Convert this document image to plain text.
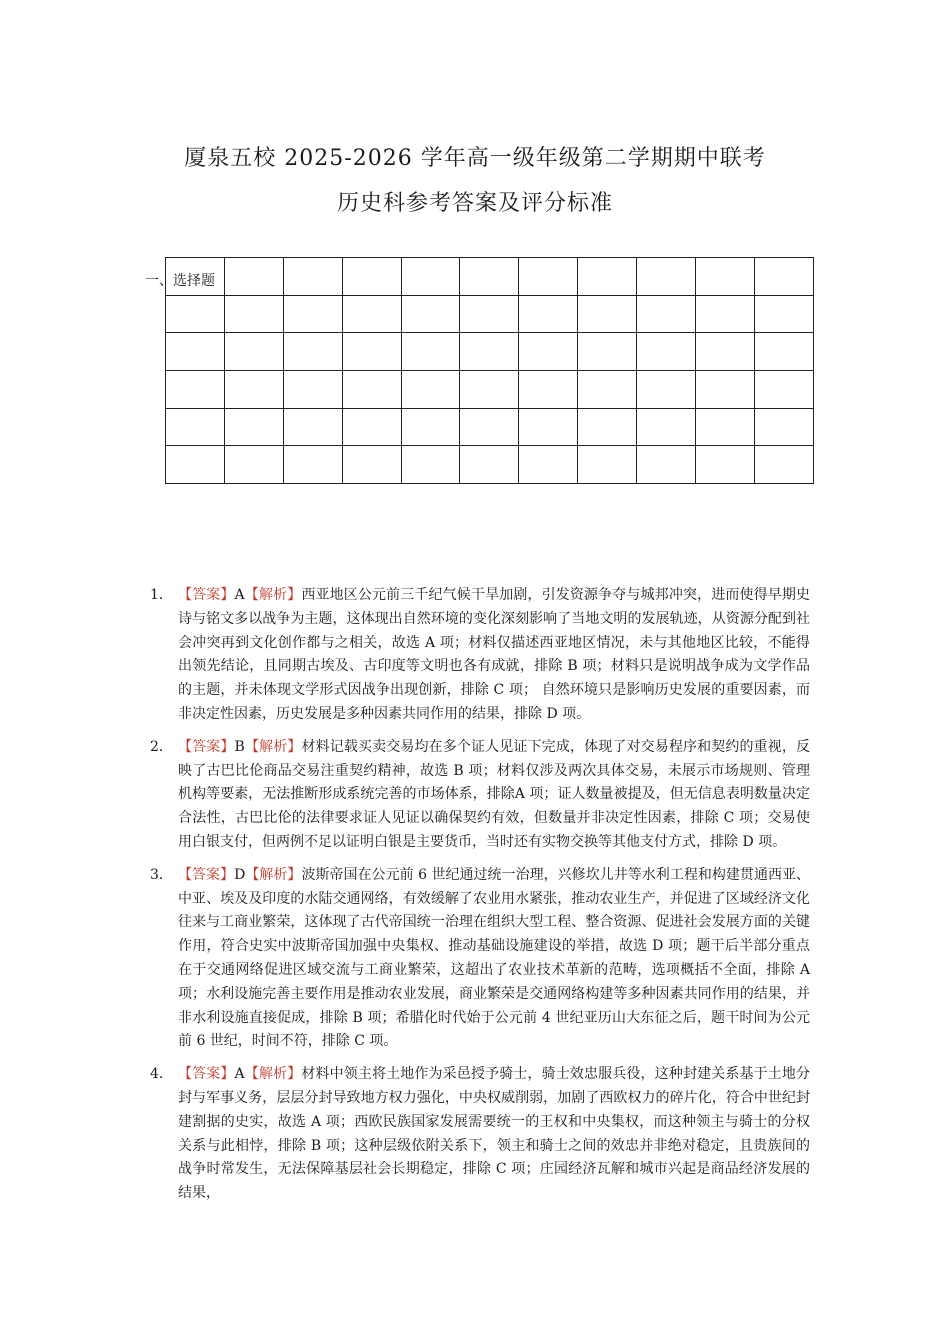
厦泉五校 2025-2026 学年高一级年级第二学期期中联考
历史科参考答案及评分标准
一、选择题

1． 【答案】A【解析】西亚地区公元前三千纪气候干旱加剧，引发资源争夺与城邦冲突，进而使得早期史诗与铭文多以战争为主题，这体现出自然环境的变化深刻影响了当地文明的发展轨迹，从资源分配到社会冲突再到文化创作都与之相关，故选 A 项；材料仅描述西亚地区情况，未与其他地区比较，不能得出领先结论，且同期古埃及、古印度等文明也各有成就，排除 B 项；材料只是说明战争成为文学作品的主题，并未体现文学形式因战争出现创新，排除 C 项； 自然环境只是影响历史发展的重要因素，而非决定性因素，历史发展是多种因素共同作用的结果，排除 D 项。
2． 【答案】B【解析】材料记载买卖交易均在多个证人见证下完成，体现了对交易程序和契约的重视，反映了古巴比伦商品交易注重契约精神，故选 B 项；材料仅涉及两次具体交易，未展示市场规则、管理机构等要素，无法推断形成系统完善的市场体系，排除A 项；证人数量被提及，但无信息表明数量决定合法性，古巴比伦的法律要求证人见证以确保契约有效，但数量并非决定性因素，排除 C 项；交易使用白银支付，但两例不足以证明白银是主要货币，当时还有实物交换等其他支付方式，排除 D 项。
3． 【答案】D【解析】波斯帝国在公元前 6 世纪通过统一治理，兴修坎儿井等水利工程和构建贯通西亚、中亚、埃及及印度的水陆交通网络，有效缓解了农业用水紧张，推动农业生产，并促进了区域经济文化往来与工商业繁荣，这体现了古代帝国统一治理在组织大型工程、整合资源、促进社会发展方面的关键作用，符合史实中波斯帝国加强中央集权、推动基础设施建设的举措，故选 D 项；题干后半部分重点在于交通网络促进区域交流与工商业繁荣，这超出了农业技术革新的范畴，选项概括不全面，排除 A 项；水利设施完善主要作用是推动农业发展，商业繁荣是交通网络构建等多种因素共同作用的结果，并非水利设施直接促成，排除 B 项；希腊化时代始于公元前 4 世纪亚历山大东征之后，题干时间为公元前 6 世纪，时间不符，排除 C 项。
4． 【答案】A【解析】材料中领主将土地作为采邑授予骑士，骑士效忠服兵役，这种封建关系基于土地分封与军事义务，层层分封导致地方权力强化，中央权威削弱，加剧了西欧权力的碎片化，符合中世纪封建割据的史实，故选 A 项；西欧民族国家发展需要统一的王权和中央集权，而这种领主与骑士的分权关系与此相悖，排除 B 项；这种层级依附关系下，领主和骑士之间的效忠并非绝对稳定，且贵族间的战争时常发生，无法保障基层社会长期稳定，排除 C 项；庄园经济瓦解和城市兴起是商品经济发展的结果，
